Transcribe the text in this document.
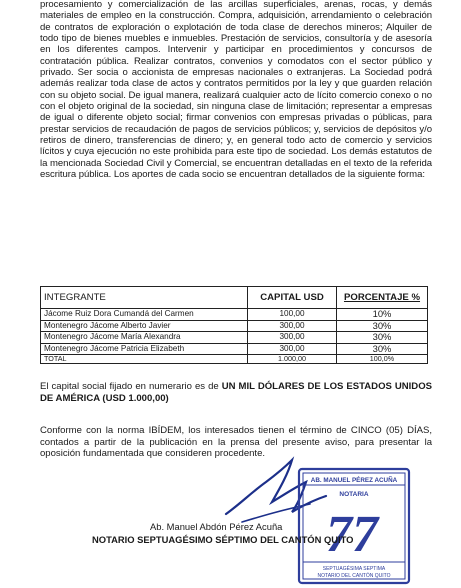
procesamiento y comercialización de las arcillas superficiales, arenas, rocas, y demás materiales de empleo en la construcción. Compra, adquisición, arrendamiento o celebración de contratos de exploración o explotación de toda clase de derechos mineros; Alquiler de todo tipo de bienes muebles e inmuebles. Prestación de servicios, consultoría y de asesoría en los diferentes campos. Intervenir y participar en procedimientos y concursos de contratación pública. Realizar contratos, convenios y comodatos con el sector público y privado. Ser socia o accionista de empresas nacionales o extranjeras. La Sociedad podrá además realizar toda clase de actos y contratos permitidos por la ley y que guarden relación con su objeto social. De igual manera, realizará cualquier acto de lícito comercio conexo o no con el objeto original de la sociedad, sin ninguna clase de limitación; representar a empresas de igual o diferente objeto social; firmar convenios con empresas privadas o públicas, para prestar servicios de recaudación de pagos de servicios públicos; y, servicios de depósitos y/o retiros de dinero, transferencias de dinero; y, en general todo acto de comercio y servicios lícitos y cuya ejecución no este prohibida para este tipo de sociedad. Los demás estatutos de la mencionada Sociedad Civil y Comercial, se encuentran detalladas en el texto de la referida escritura pública. Los aportes de cada socio se encuentran detallados de la siguiente forma:
INTEGRANTE	CAPITAL USD	PORCENTAJE %
Jácome Ruiz Dora Cumandá del Carmen	100,00	10%
Montenegro Jácome Alberto Javier	300,00	30%
Montenegro Jácome María Alexandra	300,00	30%
Montenegro Jácome Patricia Elizabeth	300,00	30%
TOTAL	1.000,00	100,0%
El capital social fijado en numerario es de UN MIL DÓLARES DE LOS ESTADOS UNIDOS DE AMÉRICA (USD 1.000,00)
Conforme con la norma IBÍDEM, los interesados tienen el término de CINCO (05) DÍAS, contados a partir de la publicación en la prensa del presente aviso, para presentar la oposición fundamentada que consideren procedente.
AB. MANUEL PÉREZ ACUÑA
NOTARIA
77
SEPTUAGÉSIMA SEPTIMA
NOTARIO DEL CANTÓN QUITO
Ab. Manuel Abdón Pérez Acuña
NOTARIO SEPTUAGÉSIMO SÉPTIMO DEL CANTÓN QUITO
